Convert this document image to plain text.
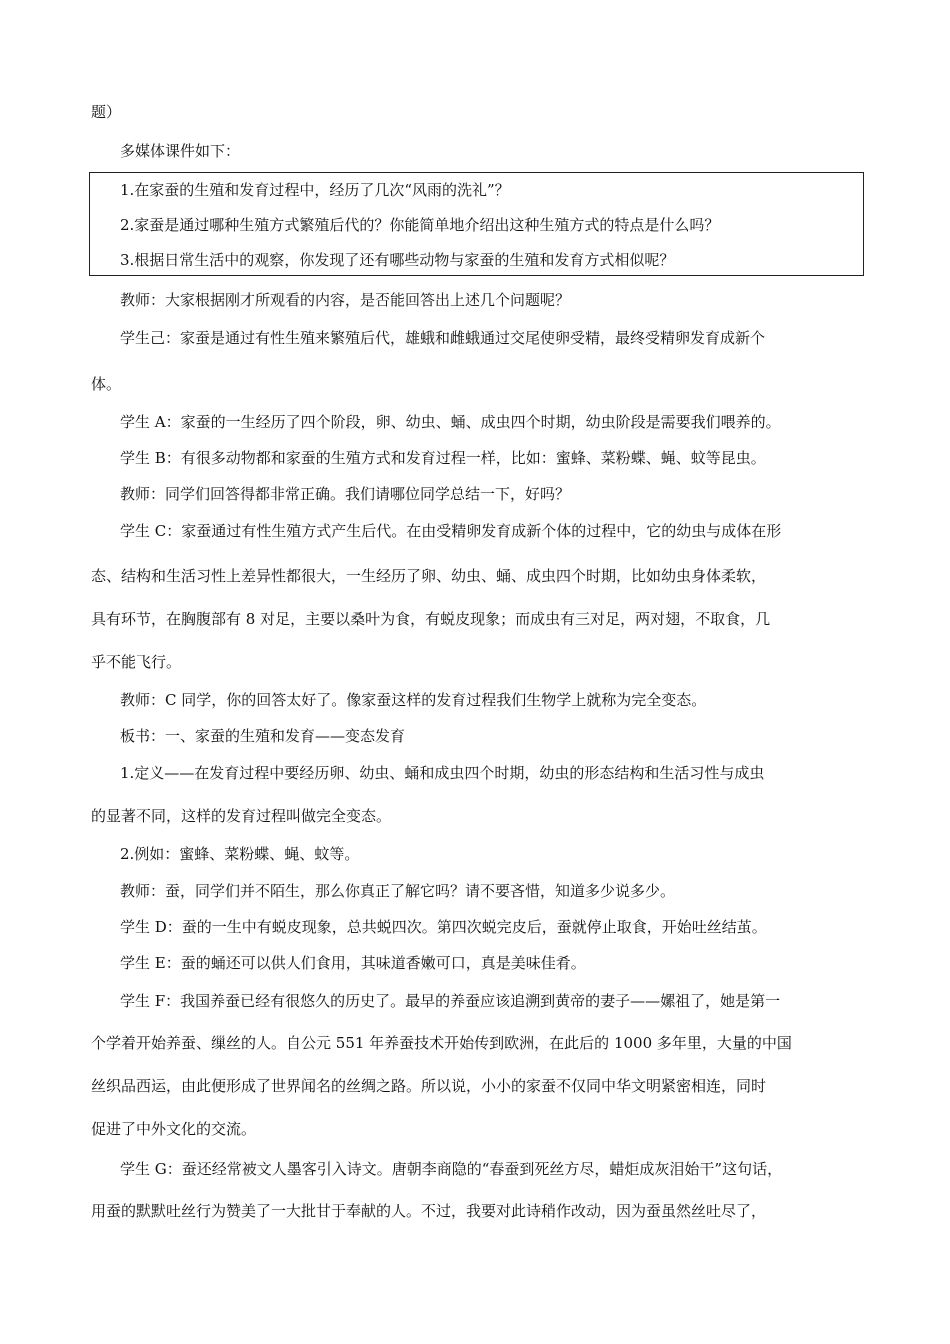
题）
多媒体课件如下：
1.在家蚕的生殖和发育过程中，经历了几次“风雨的洗礼”？
2.家蚕是通过哪种生殖方式繁殖后代的？你能简单地介绍出这种生殖方式的特点是什么吗？
3.根据日常生活中的观察，你发现了还有哪些动物与家蚕的生殖和发育方式相似呢？
教师：大家根据刚才所观看的内容，是否能回答出上述几个问题呢？
学生己：家蚕是通过有性生殖来繁殖后代，雄蛾和雌蛾通过交尾使卵受精，最终受精卵发育成新个
体。
学生 A：家蚕的一生经历了四个阶段，卵、幼虫、蛹、成虫四个时期，幼虫阶段是需要我们喂养的。
学生 B：有很多动物都和家蚕的生殖方式和发育过程一样，比如：蜜蜂、菜粉蝶、蝇、蚊等昆虫。
教师：同学们回答得都非常正确。我们请哪位同学总结一下，好吗？
学生 C：家蚕通过有性生殖方式产生后代。在由受精卵发育成新个体的过程中，它的幼虫与成体在形
态、结构和生活习性上差异性都很大，一生经历了卵、幼虫、蛹、成虫四个时期，比如幼虫身体柔软，
具有环节，在胸腹部有 8 对足，主要以桑叶为食，有蜕皮现象；而成虫有三对足，两对翅，不取食，几
乎不能飞行。
教师：C 同学，你的回答太好了。像家蚕这样的发育过程我们生物学上就称为完全变态。
板书：一、家蚕的生殖和发育——变态发育
1.定义——在发育过程中要经历卵、幼虫、蛹和成虫四个时期，幼虫的形态结构和生活习性与成虫
的显著不同，这样的发育过程叫做完全变态。
2.例如：蜜蜂、菜粉蝶、蝇、蚊等。
教师：蚕，同学们并不陌生，那么你真正了解它吗？请不要吝惜，知道多少说多少。
学生 D：蚕的一生中有蜕皮现象，总共蜕四次。第四次蜕完皮后，蚕就停止取食，开始吐丝结茧。
学生 E：蚕的蛹还可以供人们食用，其味道香嫩可口，真是美味佳肴。
学生 F：我国养蚕已经有很悠久的历史了。最早的养蚕应该追溯到黄帝的妻子——嫘祖了，她是第一
个学着开始养蚕、缫丝的人。自公元 551 年养蚕技术开始传到欧洲，在此后的 1000 多年里，大量的中国
丝织品西运，由此便形成了世界闻名的丝绸之路。所以说，小小的家蚕不仅同中华文明紧密相连，同时
促进了中外文化的交流。
学生 G：蚕还经常被文人墨客引入诗文。唐朝李商隐的“春蚕到死丝方尽，蜡炬成灰泪始干”这句话，
用蚕的默默吐丝行为赞美了一大批甘于奉献的人。不过，我要对此诗稍作改动，因为蚕虽然丝吐尽了，
